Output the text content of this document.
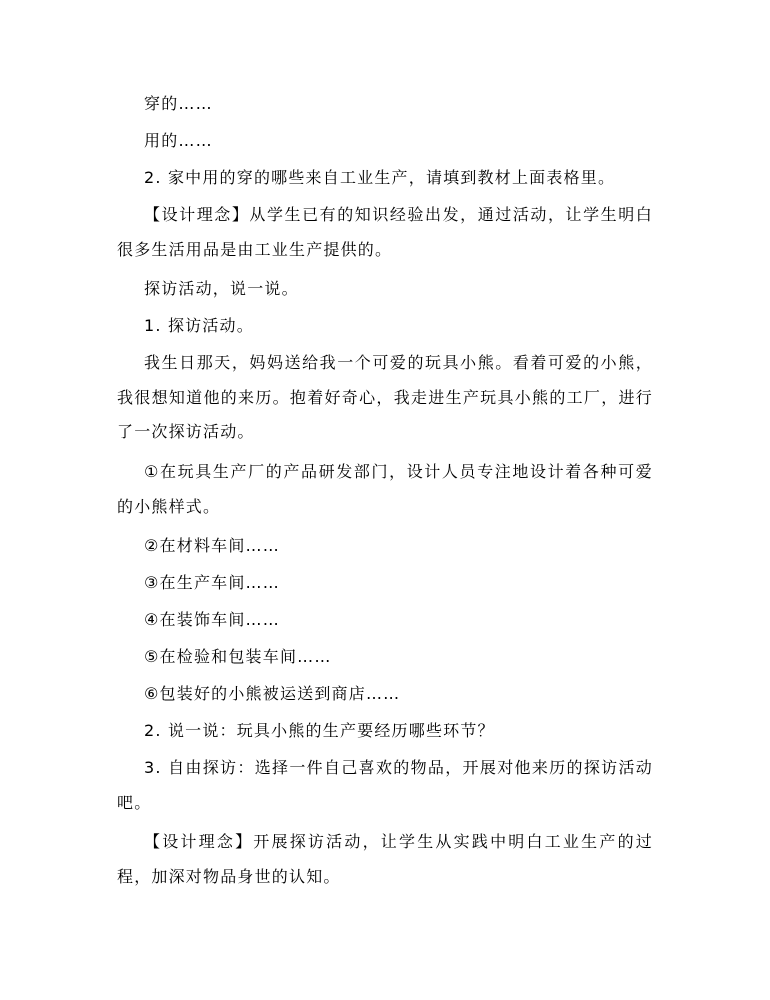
穿的……

用的……

2. 家中用的穿的哪些来自工业生产，请填到教材上面表格里。

【设计理念】从学生已有的知识经验出发，通过活动，让学生明白很多生活用品是由工业生产提供的。

探访活动，说一说。

1. 探访活动。

我生日那天，妈妈送给我一个可爱的玩具小熊。看着可爱的小熊，我很想知道他的来历。抱着好奇心，我走进生产玩具小熊的工厂，进行了一次探访活动。

①在玩具生产厂的产品研发部门，设计人员专注地设计着各种可爱的小熊样式。

②在材料车间……

③在生产车间……

④在装饰车间……

⑤在检验和包装车间……

⑥包装好的小熊被运送到商店……

2. 说一说：玩具小熊的生产要经历哪些环节？

3. 自由探访：选择一件自己喜欢的物品，开展对他来历的探访活动吧。

【设计理念】开展探访活动，让学生从实践中明白工业生产的过程，加深对物品身世的认知。
